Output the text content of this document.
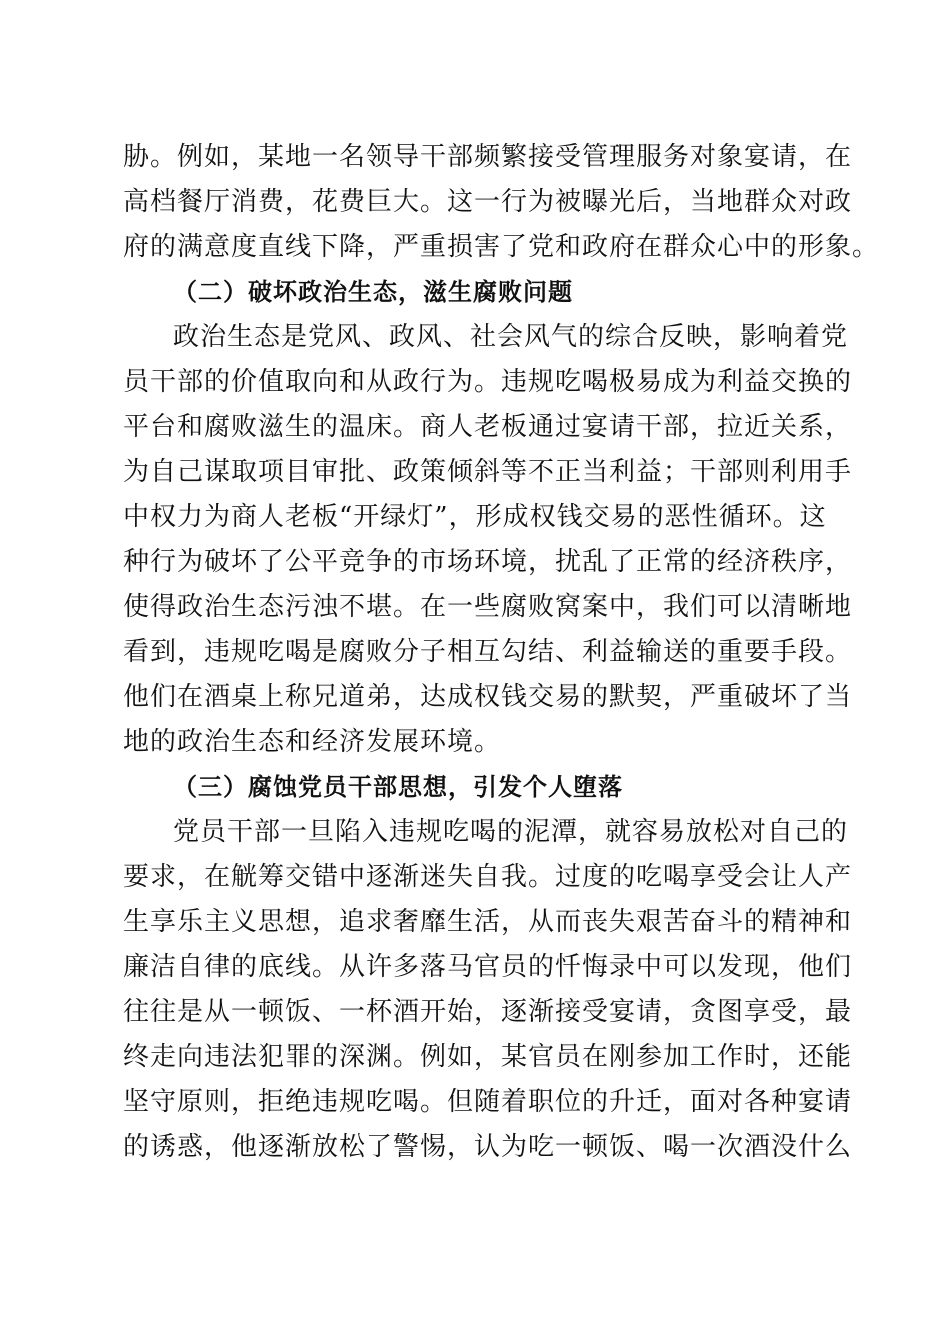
胁。例如，某地一名领导干部频繁接受管理服务对象宴请，在
高档餐厅消费，花费巨大。这一行为被曝光后，当地群众对政
府的满意度直线下降，严重损害了党和政府在群众心中的形象。
（二）破坏政治生态，滋生腐败问题
政治生态是党风、政风、社会风气的综合反映，影响着党
员干部的价值取向和从政行为。违规吃喝极易成为利益交换的
平台和腐败滋生的温床。商人老板通过宴请干部，拉近关系，
为自己谋取项目审批、政策倾斜等不正当利益；干部则利用手
中权力为商人老板“开绿灯”，形成权钱交易的恶性循环。这
种行为破坏了公平竞争的市场环境，扰乱了正常的经济秩序，
使得政治生态污浊不堪。在一些腐败窝案中，我们可以清晰地
看到，违规吃喝是腐败分子相互勾结、利益输送的重要手段。
他们在酒桌上称兄道弟，达成权钱交易的默契，严重破坏了当
地的政治生态和经济发展环境。
（三）腐蚀党员干部思想，引发个人堕落
党员干部一旦陷入违规吃喝的泥潭，就容易放松对自己的
要求，在觥筹交错中逐渐迷失自我。过度的吃喝享受会让人产
生享乐主义思想，追求奢靡生活，从而丧失艰苦奋斗的精神和
廉洁自律的底线。从许多落马官员的忏悔录中可以发现，他们
往往是从一顿饭、一杯酒开始，逐渐接受宴请，贪图享受，最
终走向违法犯罪的深渊。例如，某官员在刚参加工作时，还能
坚守原则，拒绝违规吃喝。但随着职位的升迁，面对各种宴请
的诱惑，他逐渐放松了警惕，认为吃一顿饭、喝一次酒没什么
